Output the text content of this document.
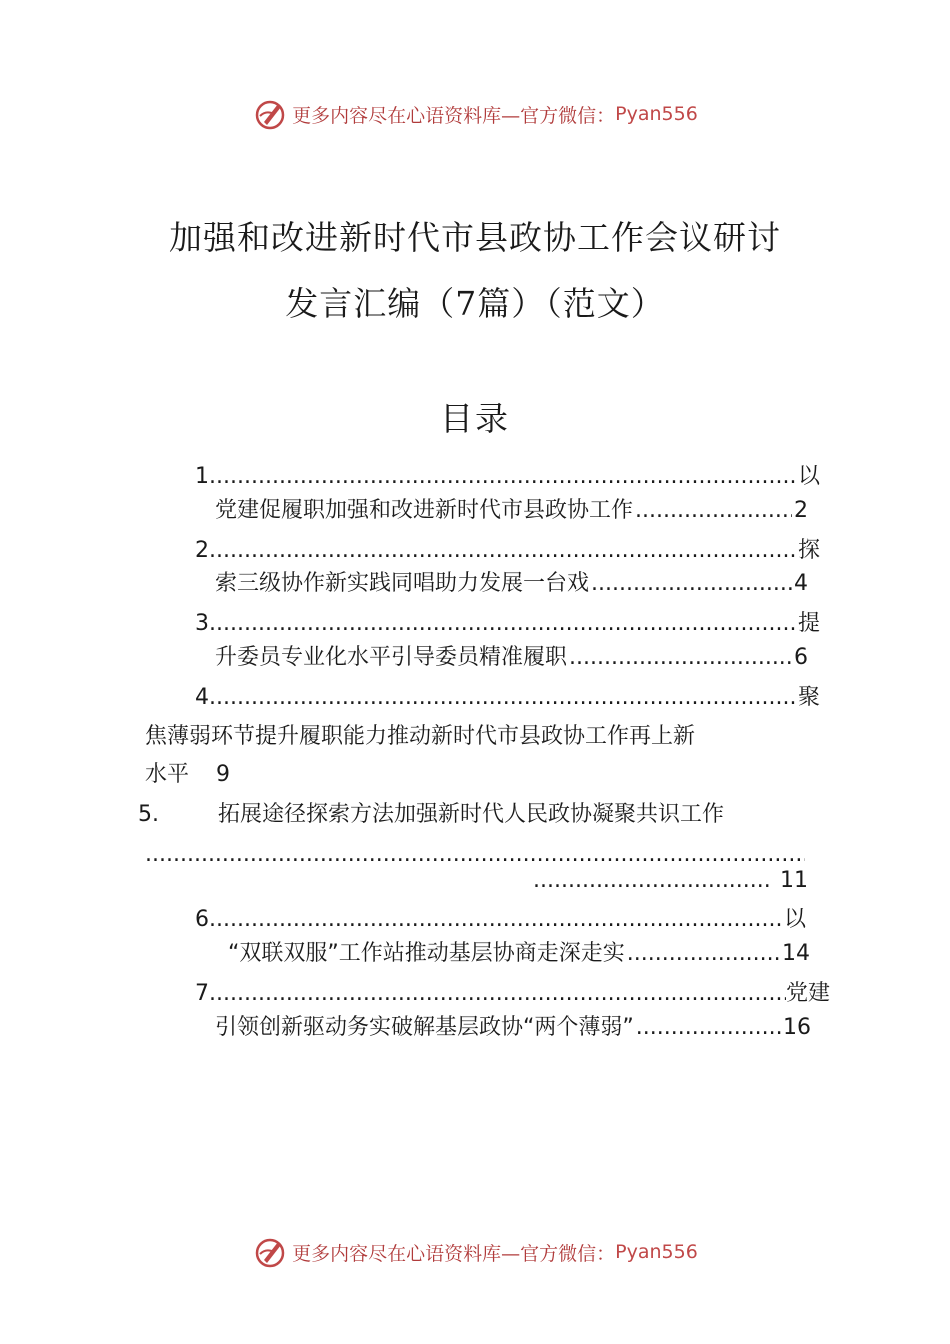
更多内容尽在心语资料库—官方微信： Pyan556
加强和改进新时代市县政协工作会议研讨
发言汇编（7篇）（范文）
目录
1. .....	以
党建促履职加强和改进新时代市县政协工作 .....	2
2. .....	探
索三级协作新实践同唱助力发展一台戏 .....	4
3. .....	提
升委员专业化水平引导委员精准履职 .....	6
4. .....	聚
焦薄弱环节提升履职能力推动新时代市县政协工作再上新
水平 9
5.	拓展途径探索方法加强新时代人民政协凝聚共识工作
.....
.....
11
6. .....	以
“双联双服”工作站推动基层协商走深走实 .....	14
7. .....	党建
引领创新驱动务实破解基层政协“两个薄弱” .....	16
更多内容尽在心语资料库—官方微信： Pyan556
